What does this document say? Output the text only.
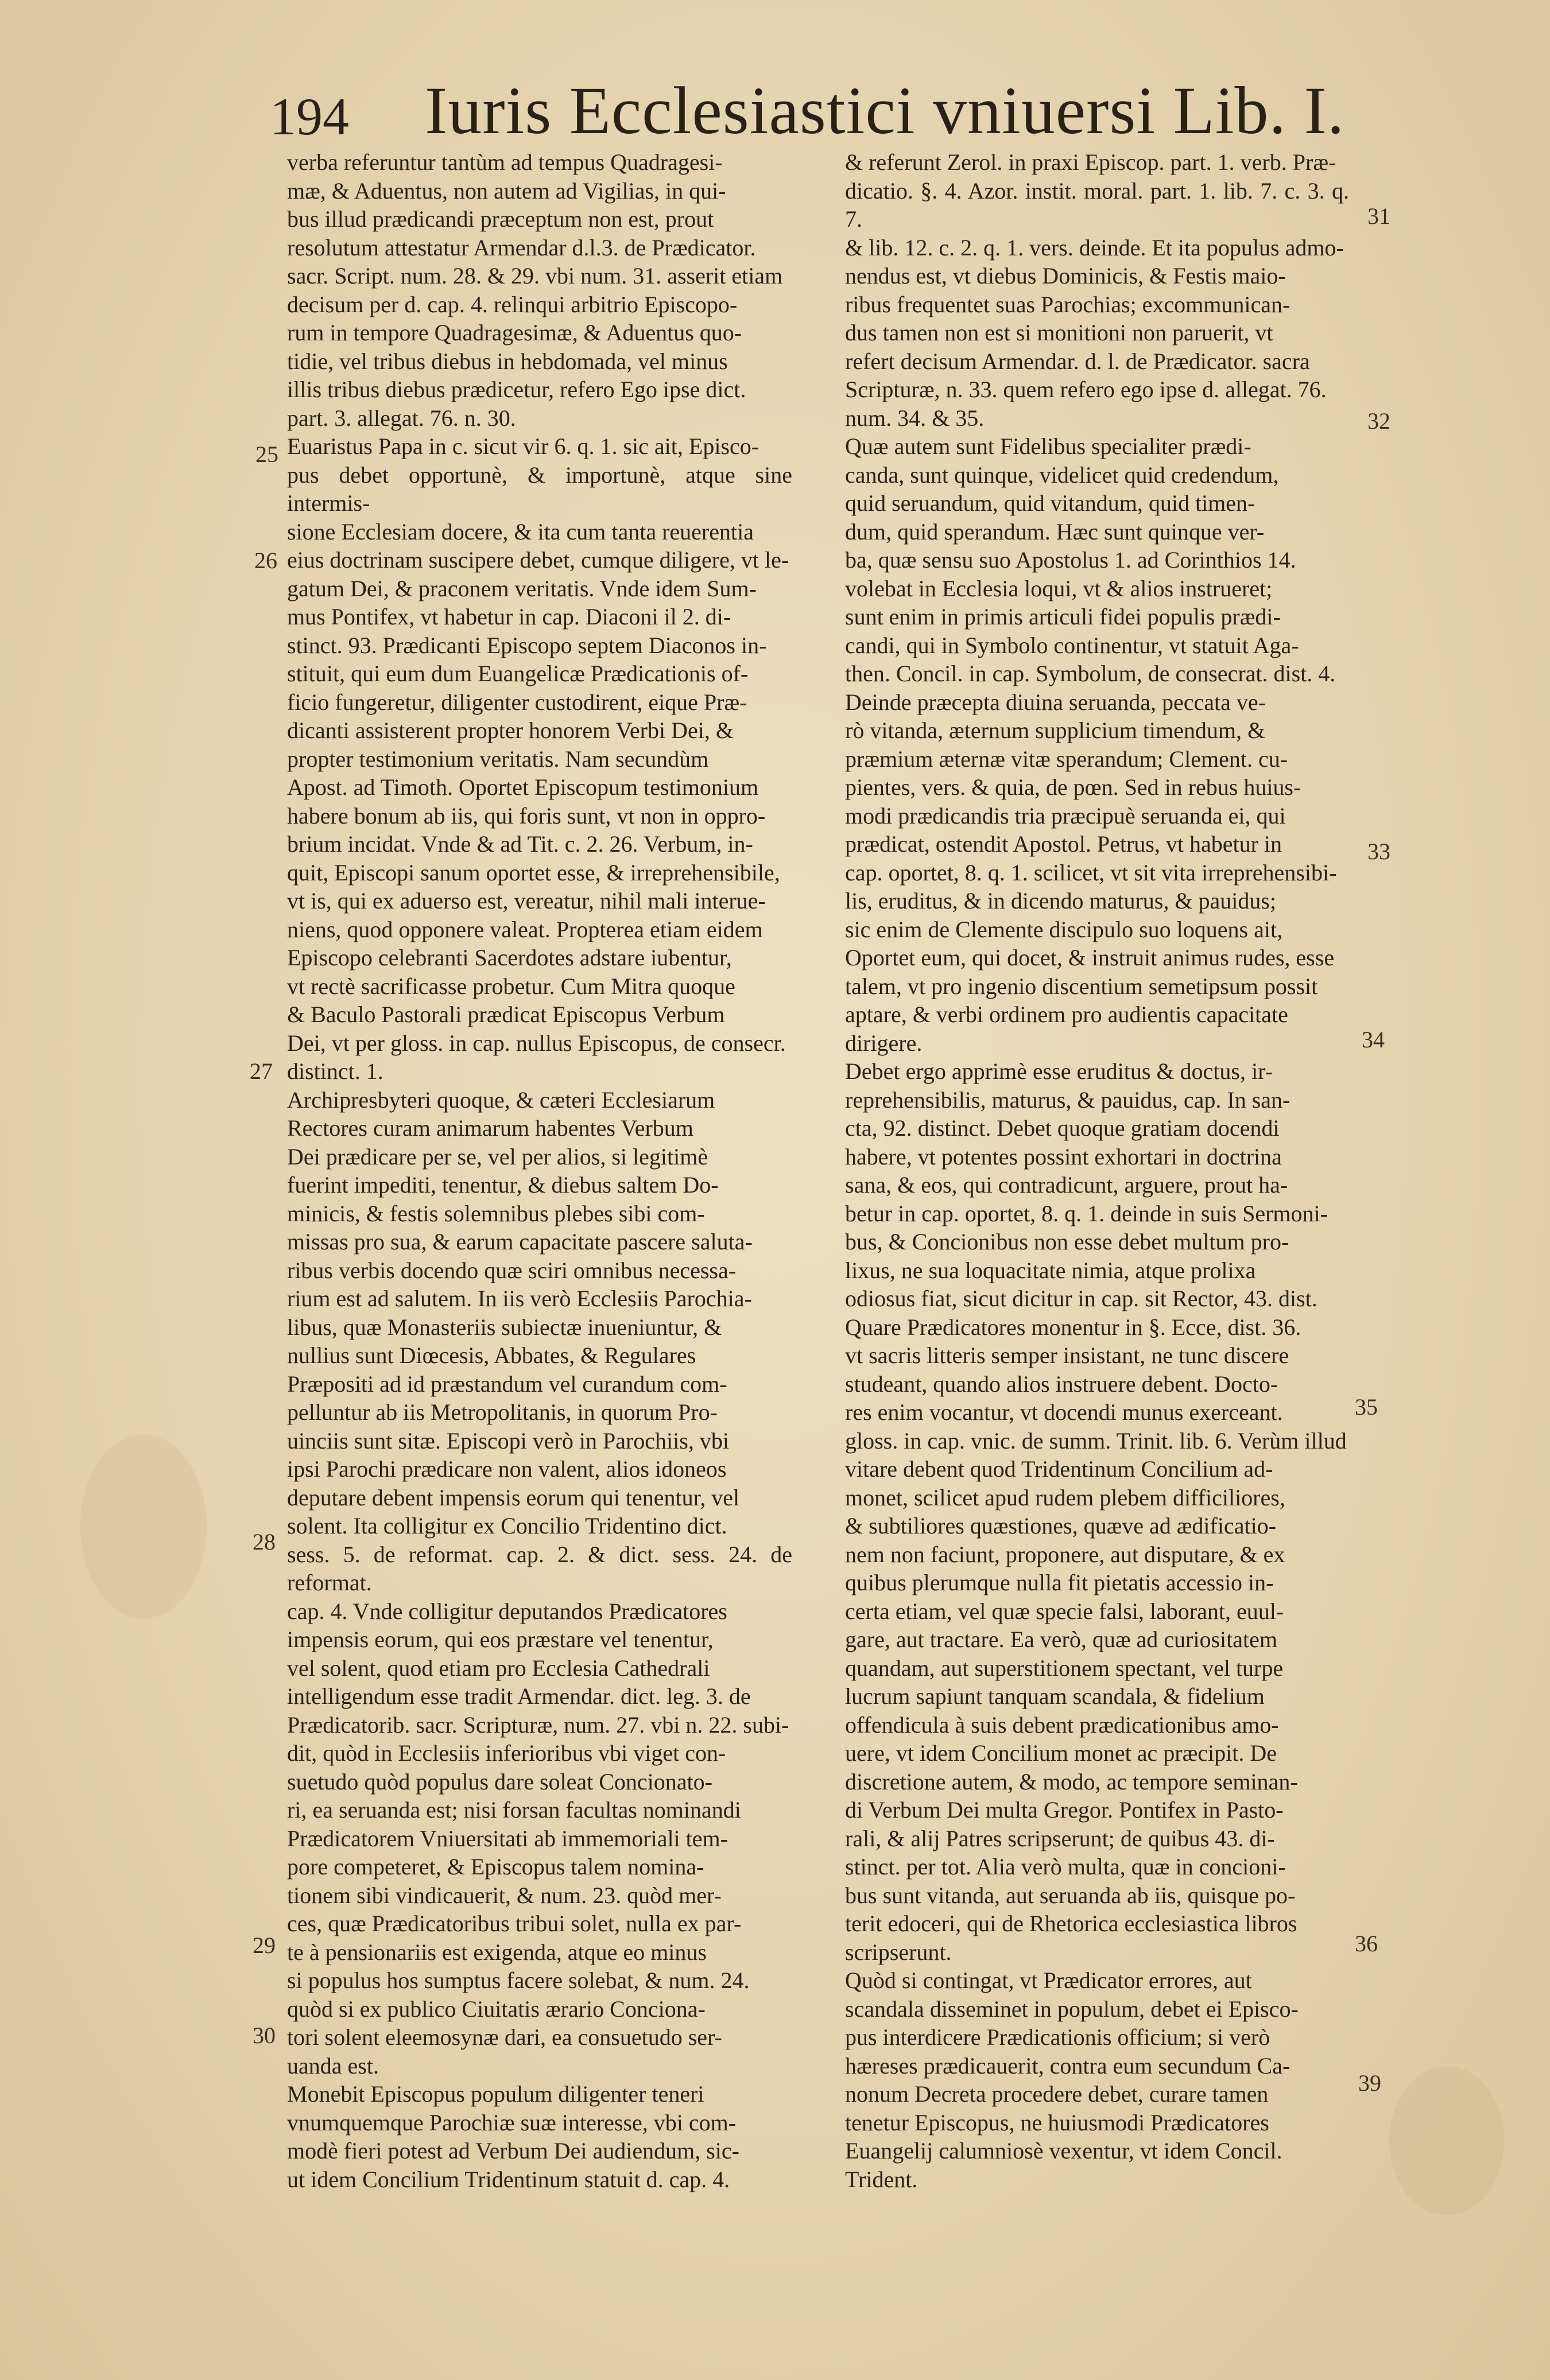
194 Iuris Ecclesiastici vniuersi Lib. I.
25
26
27
28
29
30
31
32
33
34
35
36
39

verba referuntur tantùm ad tempus Quadragesi-

mæ, & Aduentus, non autem ad Vigilias, in qui-

bus illud prædicandi præceptum non est, prout

resolutum attestatur Armendar d.l.3. de Prædicator.

sacr. Script. num. 28. & 29. vbi num. 31. asserit etiam

decisum per d. cap. 4. relinqui arbitrio Episcopo-

rum in tempore Quadragesimæ, & Aduentus quo-

tidie, vel tribus diebus in hebdomada, vel minus

illis tribus diebus prædicetur, refero Ego ipse dict.

part. 3. allegat. 76. n. 30.

Euaristus Papa in c. sicut vir 6. q. 1. sic ait, Episco-

pus debet opportunè, & importunè, atque sine intermis-

sione Ecclesiam docere, & ita cum tanta reuerentia

eius doctrinam suscipere debet, cumque diligere, vt le-

gatum Dei, & praconem veritatis. Vnde idem Sum-

mus Pontifex, vt habetur in cap. Diaconi il 2. di-

stinct. 93. Prædicanti Episcopo septem Diaconos in-

stituit, qui eum dum Euangelicæ Prædicationis of-

ficio fungeretur, diligenter custodirent, eique Præ-

dicanti assisterent propter honorem Verbi Dei, &

propter testimonium veritatis. Nam secundùm

Apost. ad Timoth. Oportet Episcopum testimonium

habere bonum ab iis, qui foris sunt, vt non in oppro-

brium incidat. Vnde & ad Tit. c. 2. 26. Verbum, in-

quit, Episcopi sanum oportet esse, & irreprehensibile,

vt is, qui ex aduerso est, vereatur, nihil mali interue-

niens, quod opponere valeat. Propterea etiam eidem

Episcopo celebranti Sacerdotes adstare iubentur,

vt rectè sacrificasse probetur. Cum Mitra quoque

& Baculo Pastorali prædicat Episcopus Verbum

Dei, vt per gloss. in cap. nullus Episcopus, de consecr.

distinct. 1.

Archipresbyteri quoque, & cæteri Ecclesiarum

Rectores curam animarum habentes Verbum

Dei prædicare per se, vel per alios, si legitimè

fuerint impediti, tenentur, & diebus saltem Do-

minicis, & festis solemnibus plebes sibi com-

missas pro sua, & earum capacitate pascere saluta-

ribus verbis docendo quæ sciri omnibus necessa-

rium est ad salutem. In iis verò Ecclesiis Parochia-

libus, quæ Monasteriis subiectæ inueniuntur, &

nullius sunt Diœcesis, Abbates, & Regulares

Præpositi ad id præstandum vel curandum com-

pelluntur ab iis Metropolitanis, in quorum Pro-

uinciis sunt sitæ. Episcopi verò in Parochiis, vbi

ipsi Parochi prædicare non valent, alios idoneos

deputare debent impensis eorum qui tenentur, vel

solent. Ita colligitur ex Concilio Tridentino dict.

sess. 5. de reformat. cap. 2. & dict. sess. 24. de reformat.

cap. 4. Vnde colligitur deputandos Prædicatores

impensis eorum, qui eos præstare vel tenentur,

vel solent, quod etiam pro Ecclesia Cathedrali

intelligendum esse tradit Armendar. dict. leg. 3. de

Prædicatorib. sacr. Scripturæ, num. 27. vbi n. 22. subi-

dit, quòd in Ecclesiis inferioribus vbi viget con-

suetudo quòd populus dare soleat Concionato-

ri, ea seruanda est; nisi forsan facultas nominandi

Prædicatorem Vniuersitati ab immemoriali tem-

pore competeret, & Episcopus talem nomina-

tionem sibi vindicauerit, & num. 23. quòd mer-

ces, quæ Prædicatoribus tribui solet, nulla ex par-

te à pensionariis est exigenda, atque eo minus

si populus hos sumptus facere solebat, & num. 24.

quòd si ex publico Ciuitatis ærario Conciona-

tori solent eleemosynæ dari, ea consuetudo ser-

uanda est.

Monebit Episcopus populum diligenter teneri

vnumquemque Parochiæ suæ interesse, vbi com-

modè fieri potest ad Verbum Dei audiendum, sic-

ut idem Concilium Tridentinum statuit d. cap. 4.

& referunt Zerol. in praxi Episcop. part. 1. verb. Præ-

dicatio. §. 4. Azor. instit. moral. part. 1. lib. 7. c. 3. q. 7.

& lib. 12. c. 2. q. 1. vers. deinde. Et ita populus admo-

nendus est, vt diebus Dominicis, & Festis maio-

ribus frequentet suas Parochias; excommunican-

dus tamen non est si monitioni non paruerit, vt

refert decisum Armendar. d. l. de Prædicator. sacra

Scripturæ, n. 33. quem refero ego ipse d. allegat. 76.

num. 34. & 35.

Quæ autem sunt Fidelibus specialiter prædi-

canda, sunt quinque, videlicet quid credendum,

quid seruandum, quid vitandum, quid timen-

dum, quid sperandum. Hæc sunt quinque ver-

ba, quæ sensu suo Apostolus 1. ad Corinthios 14.

volebat in Ecclesia loqui, vt & alios instrueret;

sunt enim in primis articuli fidei populis prædi-

candi, qui in Symbolo continentur, vt statuit Aga-

then. Concil. in cap. Symbolum, de consecrat. dist. 4.

Deinde præcepta diuina seruanda, peccata ve-

rò vitanda, æternum supplicium timendum, &

præmium æternæ vitæ sperandum; Clement. cu-

pientes, vers. & quia, de pœn. Sed in rebus huius-

modi prædicandis tria præcipuè seruanda ei, qui

prædicat, ostendit Apostol. Petrus, vt habetur in

cap. oportet, 8. q. 1. scilicet, vt sit vita irreprehensibi-

lis, eruditus, & in dicendo maturus, & pauidus;

sic enim de Clemente discipulo suo loquens ait,

Oportet eum, qui docet, & instruit animus rudes, esse

talem, vt pro ingenio discentium semetipsum possit

aptare, & verbi ordinem pro audientis capacitate

dirigere.

Debet ergo apprimè esse eruditus & doctus, ir-

reprehensibilis, maturus, & pauidus, cap. In san-

cta, 92. distinct. Debet quoque gratiam docendi

habere, vt potentes possint exhortari in doctrina

sana, & eos, qui contradicunt, arguere, prout ha-

betur in cap. oportet, 8. q. 1. deinde in suis Sermoni-

bus, & Concionibus non esse debet multum pro-

lixus, ne sua loquacitate nimia, atque prolixa

odiosus fiat, sicut dicitur in cap. sit Rector, 43. dist.

Quare Prædicatores monentur in §. Ecce, dist. 36.

vt sacris litteris semper insistant, ne tunc discere

studeant, quando alios instruere debent. Docto-

res enim vocantur, vt docendi munus exerceant.

gloss. in cap. vnic. de summ. Trinit. lib. 6. Verùm illud

vitare debent quod Tridentinum Concilium ad-

monet, scilicet apud rudem plebem difficiliores,

& subtiliores quæstiones, quæve ad ædificatio-

nem non faciunt, proponere, aut disputare, & ex

quibus plerumque nulla fit pietatis accessio in-

certa etiam, vel quæ specie falsi, laborant, euul-

gare, aut tractare. Ea verò, quæ ad curiositatem

quandam, aut superstitionem spectant, vel turpe

lucrum sapiunt tanquam scandala, & fidelium

offendicula à suis debent prædicationibus amo-

uere, vt idem Concilium monet ac præcipit. De

discretione autem, & modo, ac tempore seminan-

di Verbum Dei multa Gregor. Pontifex in Pasto-

rali, & alij Patres scripserunt; de quibus 43. di-

stinct. per tot. Alia verò multa, quæ in concioni-

bus sunt vitanda, aut seruanda ab iis, quisque po-

terit edoceri, qui de Rhetorica ecclesiastica libros

scripserunt.

Quòd si contingat, vt Prædicator errores, aut

scandala disseminet in populum, debet ei Episco-

pus interdicere Prædicationis officium; si verò

hæreses prædicauerit, contra eum secundum Ca-

nonum Decreta procedere debet, curare tamen

tenetur Episcopus, ne huiusmodi Prædicatores

Euangelij calumniosè vexentur, vt idem Concil.

Trident.
